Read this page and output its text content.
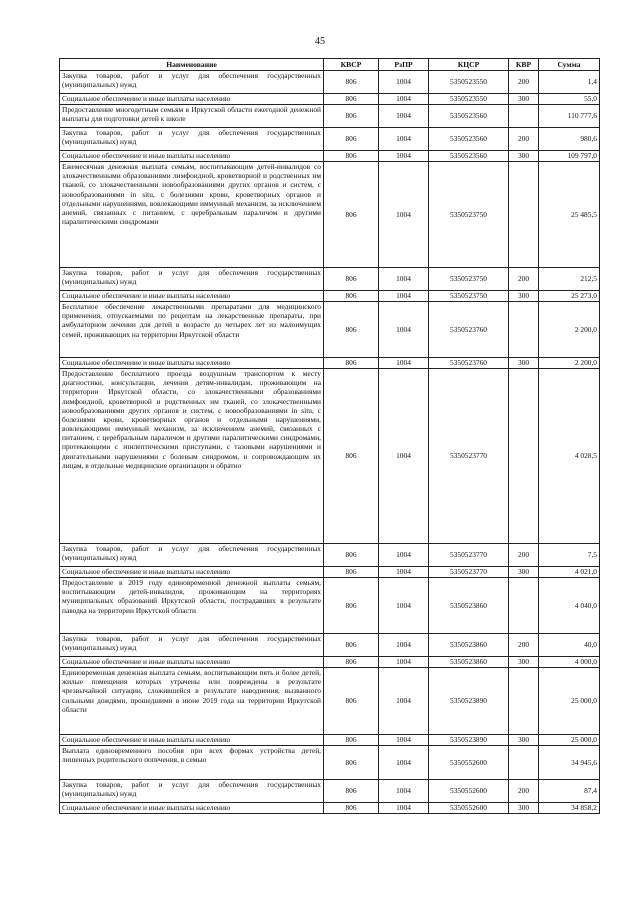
45
Наименование	КВСР	РзПР	КЦСР	КВР	Сумма
Закупка товаров, работ и услуг для обеспечения государственных (муниципальных) нужд	806	1004	5350523550	200	1,4
Социальное обеспечение и иные выплаты населению	806	1004	5350523550	300	55,0
Предоставление многодетным семьям в Иркутской области ежегодной денежной выплаты для подготовки детей к школе	806	1004	5350523560		110 777,6
Закупка товаров, работ и услуг для обеспечения государственных (муниципальных) нужд	806	1004	5350523560	200	980,6
Социальное обеспечение и иные выплаты населению	806	1004	5350523560	300	109 797,0
Ежемесячная денежная выплата семьям, воспитывающим детей-инвалидов со злокачественными образованиями лимфоидной, кроветворной и родственных им тканей, со злокачественными новообразованиями других органов и систем, с новообразованиями in situ, с болезнями крови, кроветворных органов и отдельными нарушениями, вовлекающими иммунный механизм, за исключением анемий, связанных с питанием, с церебральным параличом и другими паралитическими синдромами	806	1004	5350523750		25 485,5
Закупка товаров, работ и услуг для обеспечения государственных (муниципальных) нужд	806	1004	5350523750	200	212,5
Социальное обеспечение и иные выплаты населению	806	1004	5350523750	300	25 273,0
Бесплатное обеспечение лекарственными препаратами для медицинского применения, отпускаемыми по рецептам на лекарственные препараты, при амбулаторном лечении для детей в возрасте до четырех лет из малоимущих семей, проживающих на территории Иркутской области	806	1004	5350523760		2 200,0
Социальное обеспечение и иные выплаты населению	806	1004	5350523760	300	2 200,0
Предоставление бесплатного проезда воздушным транспортом к месту диагностики, консультации, лечения детям-инвалидам, проживающим на территории Иркутской области, со злокачественными образованиями лимфоидной, кроветворной и родственных им тканей, со злокачественными новообразованиями других органов и систем, с новообразованиями in situ, с болезнями крови, кроветворных органов и отдельными нарушениями, вовлекающими иммунный механизм, за исключением анемий, связанных с питанием, с церебральным параличом и другими паралитическими синдромами, протекающими с эпилептическими приступами, с тазовыми нарушениями и двигательными нарушениями с болевым синдромом, и сопровождающим их лицам, в отдельные медицинские организации и обратно	806	1004	5350523770		4 028,5
Закупка товаров, работ и услуг для обеспечения государственных (муниципальных) нужд	806	1004	5350523770	200	7,5
Социальное обеспечение и иные выплаты населению	806	1004	5350523770	300	4 021,0
Предоставление в 2019 году единовременной денежной выплаты семьям, воспитывающим детей-инвалидов, проживающим на территориях муниципальных образований Иркутской области, пострадавших в результате паводка на территории Иркутской области	806	1004	5350523860		4 040,0
Закупка товаров, работ и услуг для обеспечения государственных (муниципальных) нужд	806	1004	5350523860	200	40,0
Социальное обеспечение и иные выплаты населению	806	1004	5350523860	300	4 000,0
Единовременная денежная выплата семьям, воспитывающим пять и более детей, жилые помещения которых утрачены или повреждены в результате чрезвычайной ситуации, сложившейся в результате наводнения, вызванного сильными дождями, прошедшими в июне 2019 года на территории Иркутской области	806	1004	5350523890		25 000,0
Социальное обеспечение и иные выплаты населению	806	1004	5350523890	300	25 000,0
Выплата единовременного пособия при всех формах устройства детей, лишенных родительского попечения, в семью	806	1004	5350552600		34 945,6
Закупка товаров, работ и услуг для обеспечения государственных (муниципальных) нужд	806	1004	5350552600	200	87,4
Социальное обеспечение и иные выплаты населению	806	1004	5350552600	300	34 858,2
